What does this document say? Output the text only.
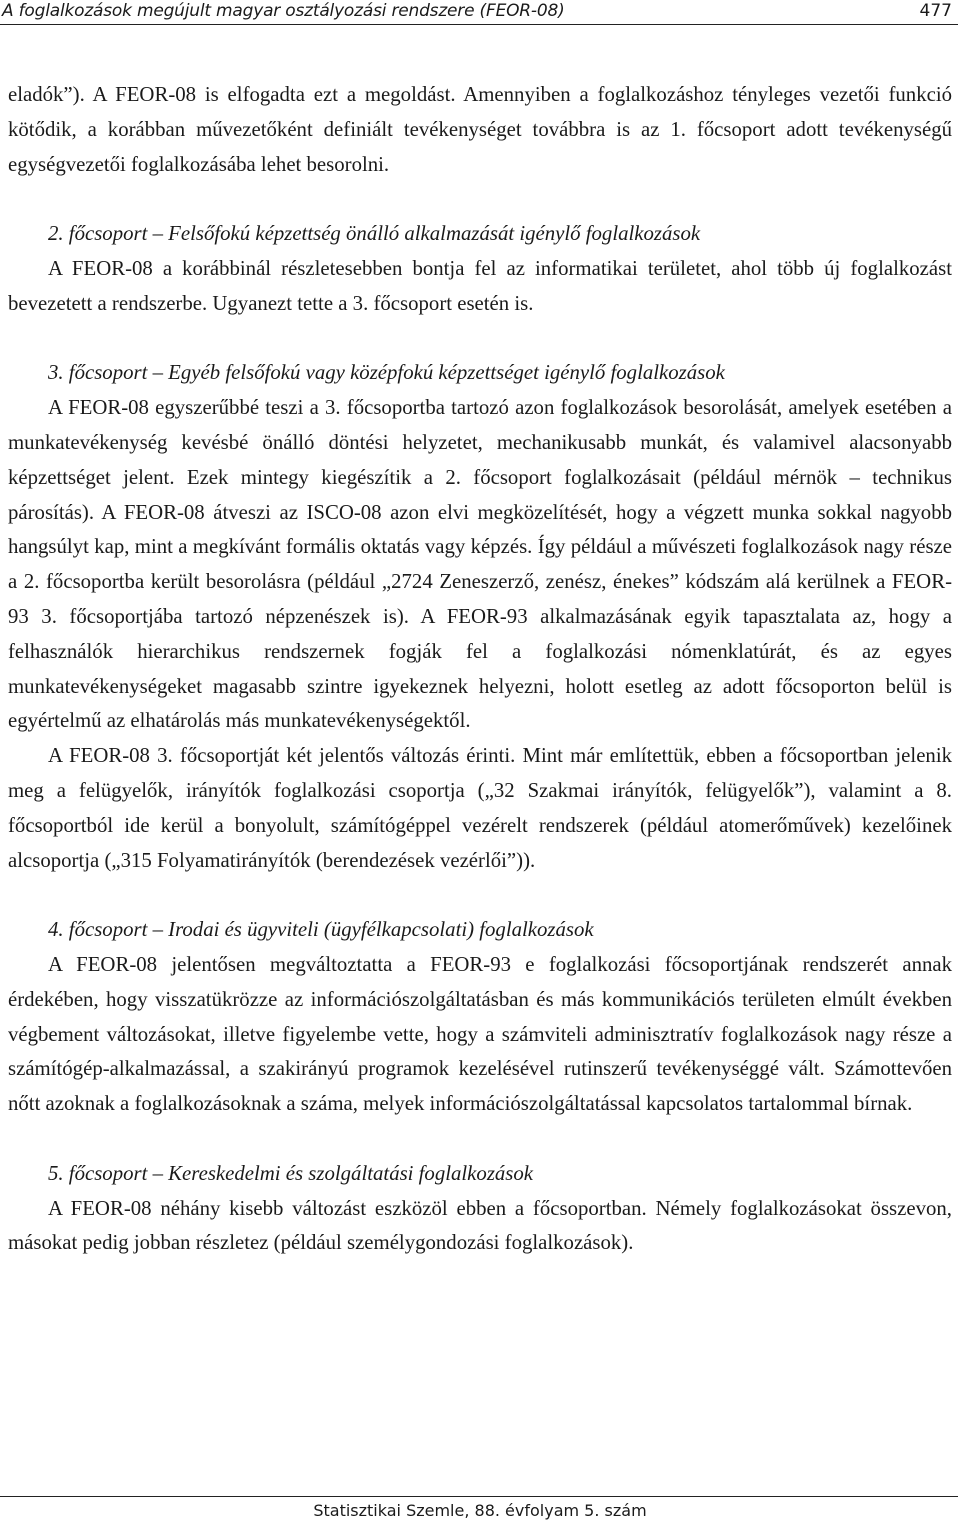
A foglalkozások megújult magyar osztályozási rendszere (FEOR-08)	477

eladók”). A FEOR-08 is elfogadta ezt a megoldást. Amennyiben a foglalkozáshoz tényleges vezetői funkció kötődik, a korábban művezetőként definiált tevékenységet továbbra is az 1. főcsoport adott tevékenységű egységvezetői foglalkozásába lehet besorolni.

2. főcsoport – Felsőfokú képzettség önálló alkalmazását igénylő foglalkozások

A FEOR-08 a korábbinál részletesebben bontja fel az informatikai területet, ahol több új foglalkozást bevezetett a rendszerbe. Ugyanezt tette a 3. főcsoport esetén is.

3. főcsoport – Egyéb felsőfokú vagy középfokú képzettséget igénylő foglalkozások

A FEOR-08 egyszerűbbé teszi a 3. főcsoportba tartozó azon foglalkozások besorolását, amelyek esetében a munkatevékenység kevésbé önálló döntési helyzetet, mechanikusabb munkát, és valamivel alacsonyabb képzettséget jelent. Ezek mintegy kiegészítik a 2. főcsoport foglalkozásait (például mérnök – technikus párosítás). A FEOR-08 átveszi az ISCO-08 azon elvi megközelítését, hogy a végzett munka sokkal nagyobb hangsúlyt kap, mint a megkívánt formális oktatás vagy képzés. Így például a művészeti foglalkozások nagy része a 2. főcsoportba került besorolásra (például „2724 Zeneszerző, zenész, énekes” kódszám alá kerülnek a FEOR-93 3. főcsoportjába tartozó népzenészek is). A FEOR-93 alkalmazásának egyik tapasztalata az, hogy a felhasználók hierarchikus rendszernek fogják fel a foglalkozási nómenklatúrát, és az egyes munkatevékenységeket magasabb szintre igyekeznek helyezni, holott esetleg az adott főcsoporton belül is egyértelmű az elhatárolás más munkatevékenységektől.

A FEOR-08 3. főcsoportját két jelentős változás érinti. Mint már említettük, ebben a főcsoportban jelenik meg a felügyelők, irányítók foglalkozási csoportja („32 Szakmai irányítók, felügyelők”), valamint a 8. főcsoportból ide kerül a bonyolult, számítógéppel vezérelt rendszerek (például atomerőművek) kezelőinek alcsoportja („315 Folyamatirányítók (berendezések vezérlői”)).

4. főcsoport – Irodai és ügyviteli (ügyfélkapcsolati) foglalkozások

A FEOR-08 jelentősen megváltoztatta a FEOR-93 e foglalkozási főcsoportjának rendszerét annak érdekében, hogy visszatükrözze az információszolgáltatásban és más kommunikációs területen elmúlt években végbement változásokat, illetve figyelembe vette, hogy a számviteli adminisztratív foglalkozások nagy része a számítógép-alkalmazással, a szakirányú programok kezelésével rutinszerű tevékenységgé vált. Számottevően nőtt azoknak a foglalkozásoknak a száma, melyek információszolgáltatással kapcsolatos tartalommal bírnak.

5. főcsoport – Kereskedelmi és szolgáltatási foglalkozások

A FEOR-08 néhány kisebb változást eszközöl ebben a főcsoportban. Némely foglalkozásokat összevon, másokat pedig jobban részletez (például személygondozási foglalkozások).

Statisztikai Szemle, 88. évfolyam 5. szám
